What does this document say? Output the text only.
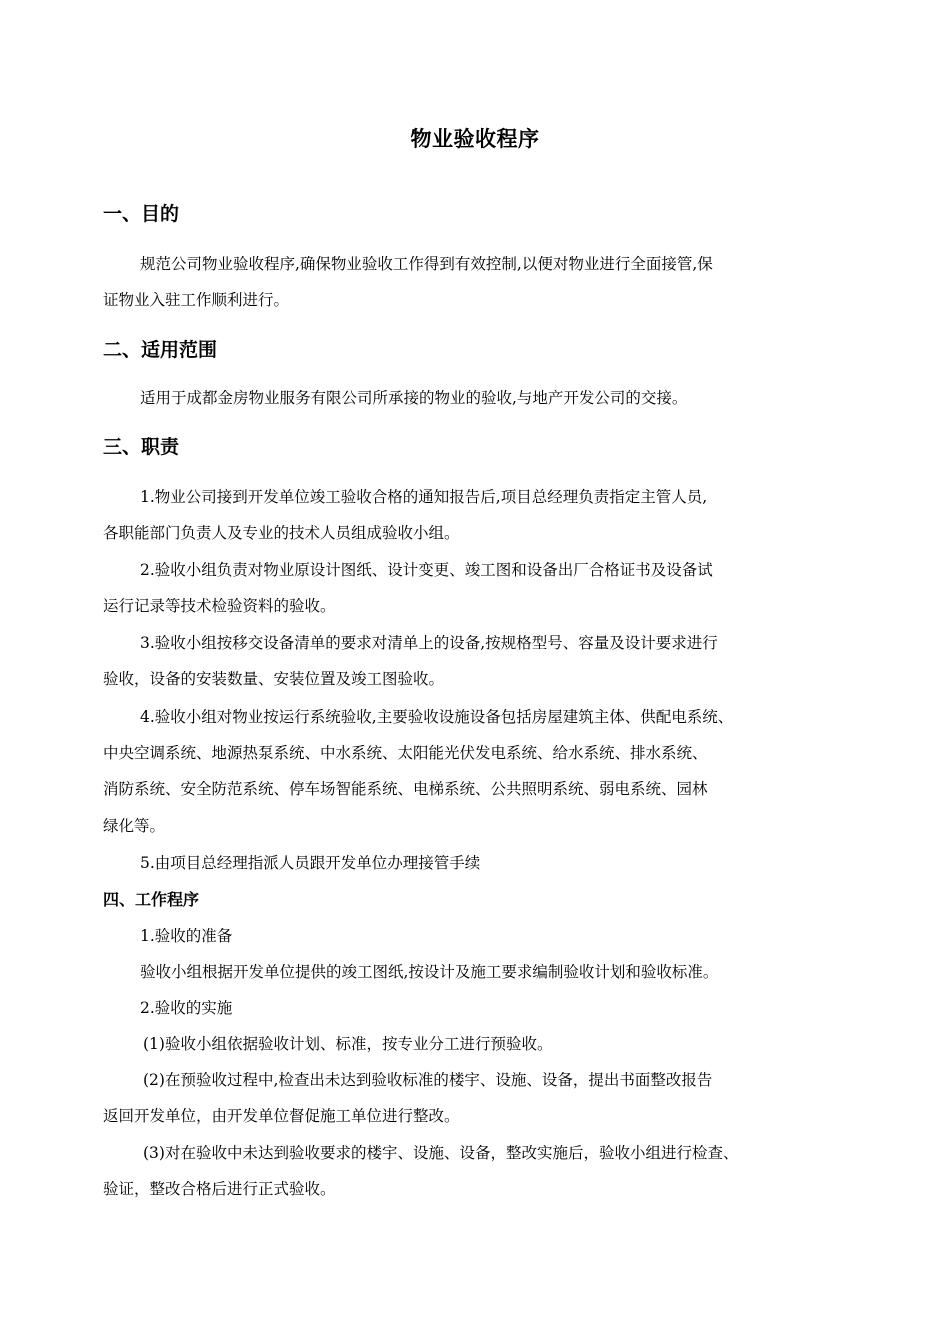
物业验收程序
一、目的
规范公司物业验收程序,确保物业验收工作得到有效控制,以便对物业进行全面接管,保
证物业入驻工作顺利进行。
二、适用范围
适用于成都金房物业服务有限公司所承接的物业的验收,与地产开发公司的交接。
三、职责
1.物业公司接到开发单位竣工验收合格的通知报告后,项目总经理负责指定主管人员,
各职能部门负责人及专业的技术人员组成验收小组。
2.验收小组负责对物业原设计图纸、设计变更、竣工图和设备出厂合格证书及设备试
运行记录等技术检验资料的验收。
3.验收小组按移交设备清单的要求对清单上的设备,按规格型号、容量及设计要求进行
验收，设备的安装数量、安装位置及竣工图验收。
4.验收小组对物业按运行系统验收,主要验收设施设备包括房屋建筑主体、供配电系统、
中央空调系统、地源热泵系统、中水系统、太阳能光伏发电系统、给水系统、排水系统、
消防系统、安全防范系统、停车场智能系统、电梯系统、公共照明系统、弱电系统、园林
绿化等。
5.由项目总经理指派人员跟开发单位办理接管手续
四、工作程序
1.验收的准备
验收小组根据开发单位提供的竣工图纸,按设计及施工要求编制验收计划和验收标准。
2.验收的实施
(1)验收小组依据验收计划、标准，按专业分工进行预验收。
(2)在预验收过程中,检查出未达到验收标准的楼宇、设施、设备，提出书面整改报告
返回开发单位，由开发单位督促施工单位进行整改。
(3)对在验收中未达到验收要求的楼宇、设施、设备，整改实施后，验收小组进行检查、
验证，整改合格后进行正式验收。
